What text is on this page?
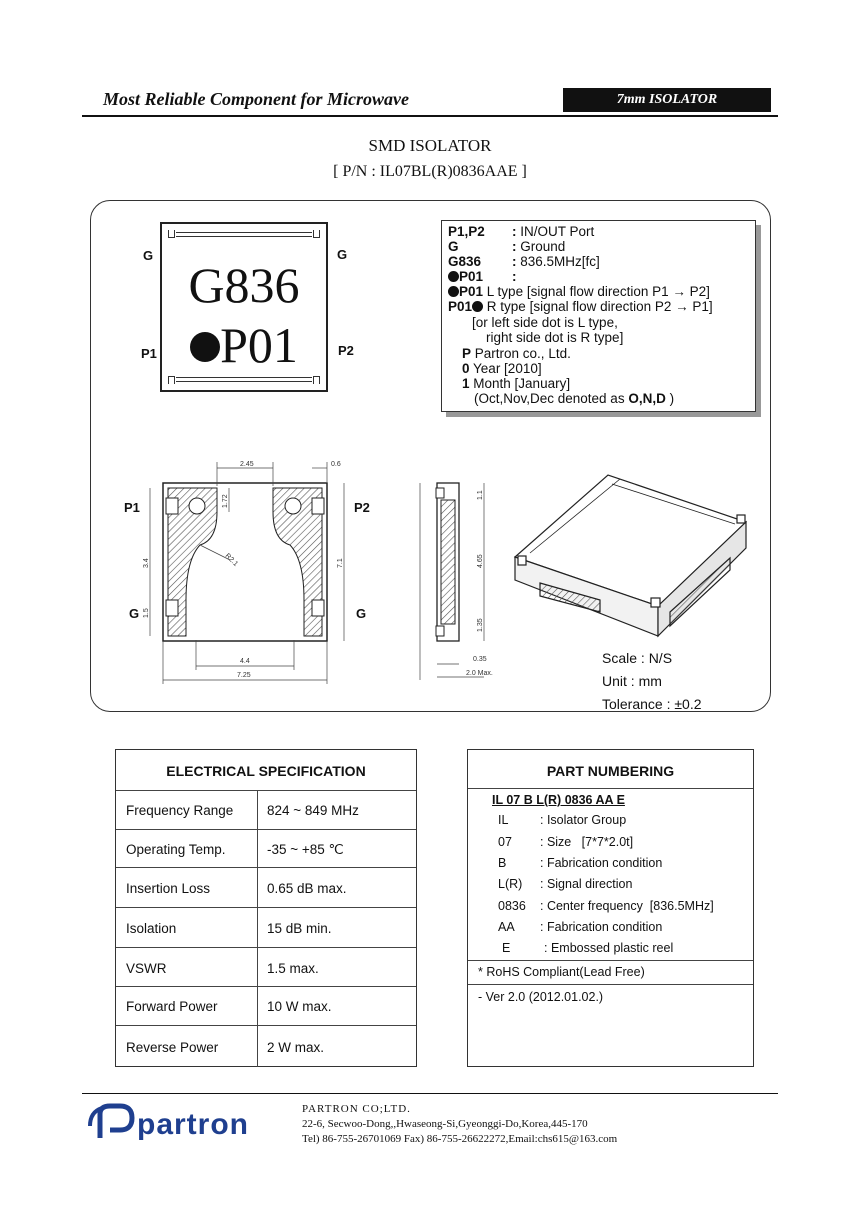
Most Reliable Component for Microwave	7mm ISOLATOR
SMD ISOLATOR
[ P/N : IL07BL(R)0836AAE ]
G836
P01
G	G
P1	P2
P1,P2 : IN/OUT Port
G	: Ground
G836 : 836.5MHz[fc]
P01 :
P01 L type [signal flow direction P1 → P2]
P01 R type [signal flow direction P2 → P1]
[or left side dot is L type,
right side dot is R type]
P Partron co., Ltd.
0 Year [2010]
1 Month [January]
(Oct,Nov,Dec denoted as O,N,D )
2.45	0.6
1.72
R2.1
3.4
1.5
7.1
4.4
7.25
P1	P2
G	G
1.1
4.65
1.35
0.35
2.0 Max.
Scale : N/S
Unit : mm
Tolerance : ±0.2
ELECTRICAL SPECIFICATION
Frequency Range 824 ~ 849 MHz
Operating Temp.	-35 ~ +85 ℃
Insertion Loss	0.65 dB max.
Isolation	15 dB min.
VSWR	1.5 max.
Forward Power	10 W max.
Reverse Power	2 W max.
PART NUMBERING
IL 07 B L(R) 0836 AA E
IL	: Isolator Group
07 : Size   [7*7*2.0t]
B	: Fabrication condition
L(R) : Signal direction
0836 : Center frequency  [836.5MHz]
AA : Fabrication condition
E	: Embossed plastic reel
* RoHS Compliant(Lead Free)
- Ver 2.0 (2012.01.02.)
partron	PARTRON CO;LTD.
22-6, Secwoo-Dong,,Hwaseong-Si,Gyeonggi-Do,Korea,445-170
Tel) 86-755-26701069 Fax) 86-755-26622272,Email:chs615@163.com
